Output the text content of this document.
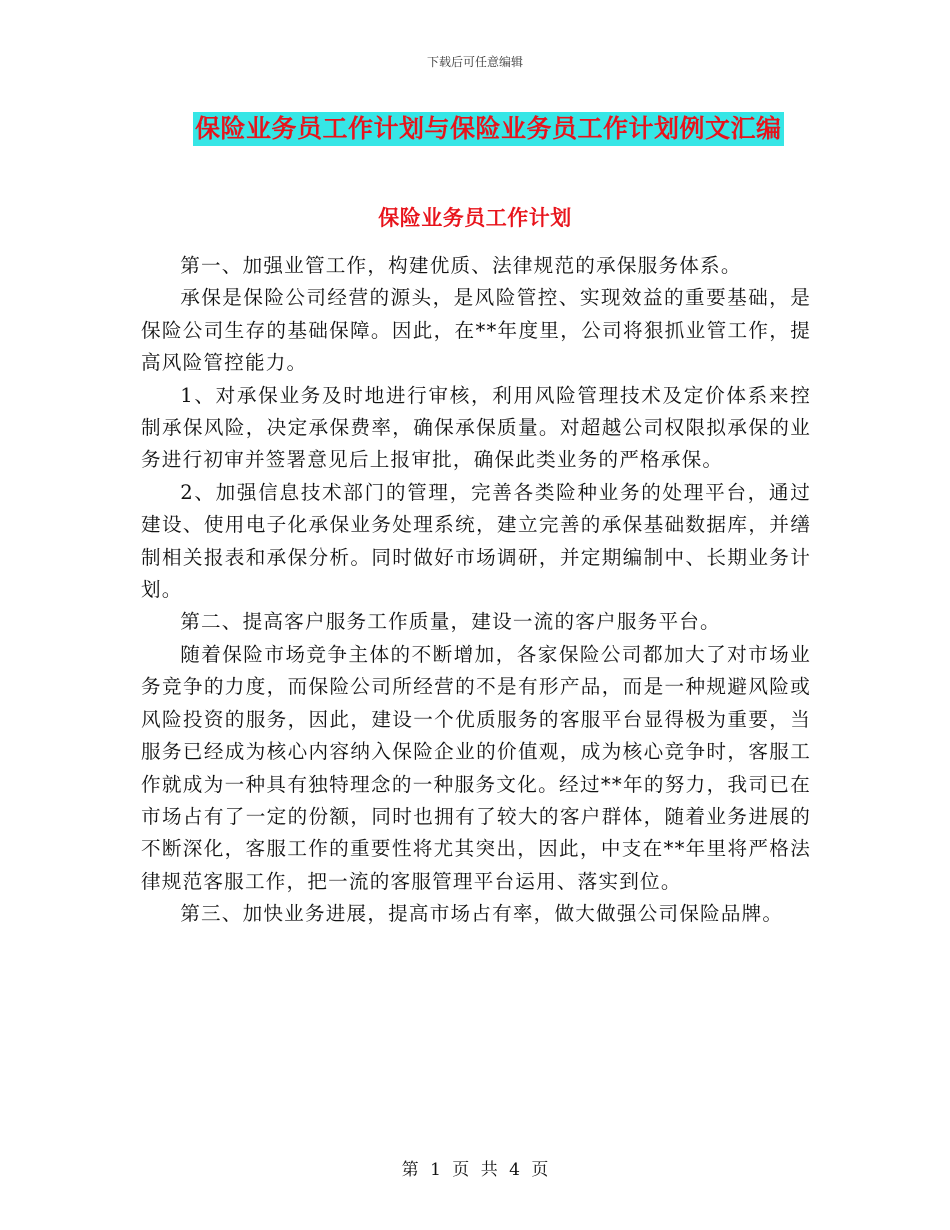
下载后可任意编辑
保险业务员工作计划与保险业务员工作计划例文汇编
保险业务员工作计划

第一、加强业管工作，构建优质、法律规范的承保服务体系。

承保是保险公司经营的源头，是风险管控、实现效益的重要基础，是保险公司生存的基础保障。因此，在**年度里，公司将狠抓业管工作，提高风险管控能力。

1、对承保业务及时地进行审核，利用风险管理技术及定价体系来控制承保风险，决定承保费率，确保承保质量。对超越公司权限拟承保的业务进行初审并签署意见后上报审批，确保此类业务的严格承保。

2、加强信息技术部门的管理，完善各类险种业务的处理平台，通过建设、使用电子化承保业务处理系统，建立完善的承保基础数据库，并缮制相关报表和承保分析。同时做好市场调研，并定期编制中、长期业务计划。

第二、提高客户服务工作质量，建设一流的客户服务平台。

随着保险市场竞争主体的不断增加，各家保险公司都加大了对市场业务竞争的力度，而保险公司所经营的不是有形产品，而是一种规避风险或风险投资的服务，因此，建设一个优质服务的客服平台显得极为重要，当服务已经成为核心内容纳入保险企业的价值观，成为核心竞争时，客服工作就成为一种具有独特理念的一种服务文化。经过**年的努力，我司已在市场占有了一定的份额，同时也拥有了较大的客户群体，随着业务进展的不断深化，客服工作的重要性将尤其突出，因此，中支在**年里将严格法律规范客服工作，把一流的客服管理平台运用、落实到位。

第三、加快业务进展，提高市场占有率，做大做强公司保险品牌。

第 1 页 共 4 页
